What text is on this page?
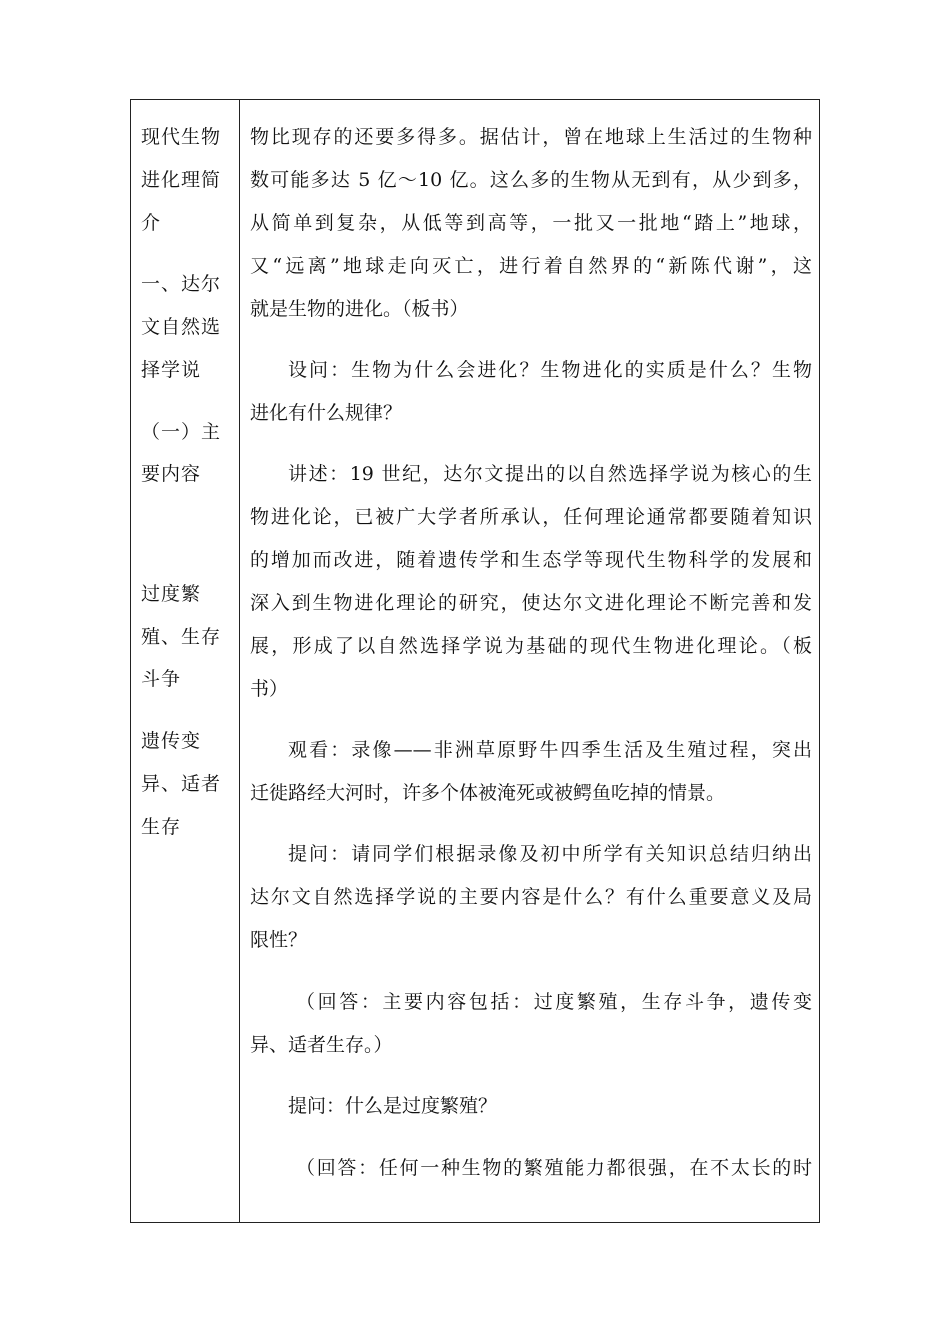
现代生物
进化理简
介
一、达尔
文自然选
择学说
（一）主
要内容
过度繁
殖、生存
斗争
遗传变
异、适者
生存
物比现存的还要多得多。据估计，曾在地球上生活过的生物种
数可能多达 5 亿～10 亿。这么多的生物从无到有，从少到多，
从简单到复杂，从低等到高等，一批又一批地“踏上”地球，
又“远离”地球走向灭亡，进行着自然界的“新陈代谢”，这
就是生物的进化。（板书）
设问：生物为什么会进化？生物进化的实质是什么？生物
进化有什么规律？
讲述：19 世纪，达尔文提出的以自然选择学说为核心的生
物进化论，已被广大学者所承认，任何理论通常都要随着知识
的增加而改进，随着遗传学和生态学等现代生物科学的发展和
深入到生物进化理论的研究，使达尔文进化理论不断完善和发
展，形成了以自然选择学说为基础的现代生物进化理论。（板
书）
观看：录像——非洲草原野牛四季生活及生殖过程，突出
迁徙路经大河时，许多个体被淹死或被鳄鱼吃掉的情景。
提问：请同学们根据录像及初中所学有关知识总结归纳出
达尔文自然选择学说的主要内容是什么？有什么重要意义及局
限性？
（回答：主要内容包括：过度繁殖，生存斗争，遗传变
异、适者生存。）
提问：什么是过度繁殖？
（回答：任何一种生物的繁殖能力都很强，在不太长的时
